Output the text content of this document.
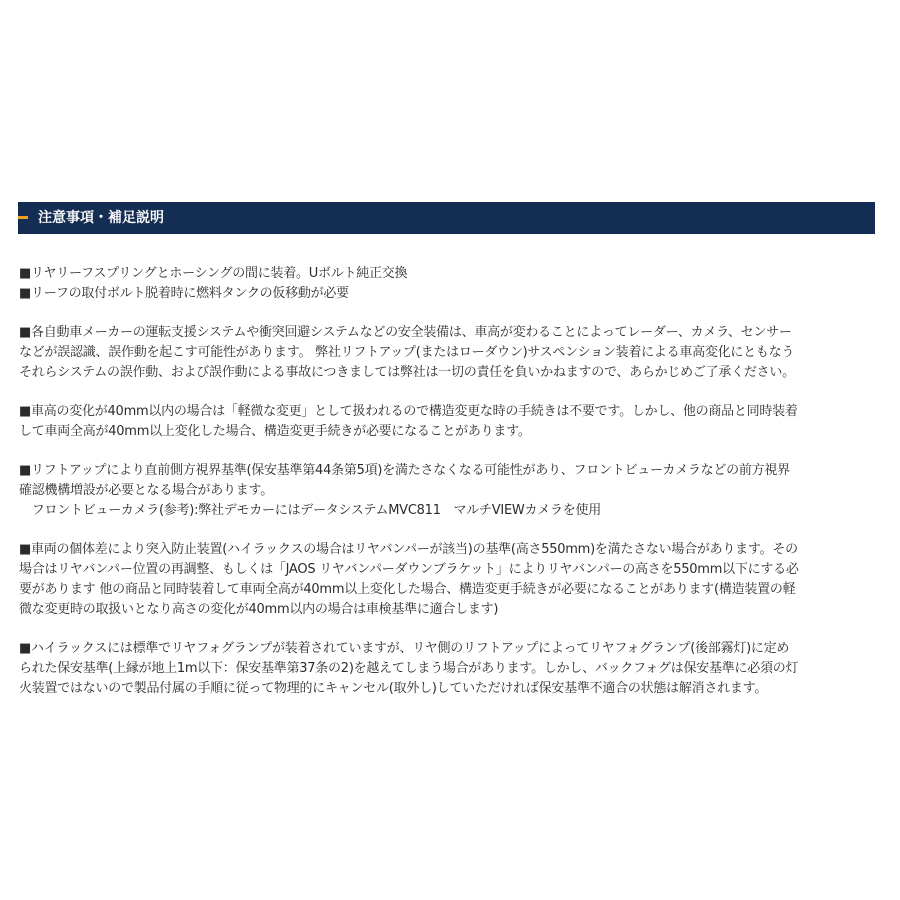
注意事項・補足説明
■リヤリーフスプリングとホーシングの間に装着。Uボルト純正交換
■リーフの取付ボルト脱着時に燃料タンクの仮移動が必要
■各自動車メーカーの運転支援システムや衝突回避システムなどの安全装備は、車高が変わることによってレーダー、カメラ、センサー
などが誤認識、誤作動を起こす可能性があります。 弊社リフトアップ(またはローダウン)サスペンション装着による車高変化にともなう
それらシステムの誤作動、および誤作動による事故につきましては弊社は一切の責任を負いかねますので、あらかじめご了承ください。
■車高の変化が40mm以内の場合は「軽微な変更」として扱われるので構造変更な時の手続きは不要です。しかし、他の商品と同時装着
して車両全高が40mm以上変化した場合、構造変更手続きが必要になることがあります。
■リフトアップにより直前側方視界基準(保安基準第44条第5項)を満たさなくなる可能性があり、フロントビューカメラなどの前方視界
確認機構増設が必要となる場合があります。
　フロントビューカメラ(参考):弊社デモカーにはデータシステムMVC811　マルチVIEWカメラを使用
■車両の個体差により突入防止装置(ハイラックスの場合はリヤバンパーが該当)の基準(高さ550mm)を満たさない場合があります。その
場合はリヤバンパー位置の再調整、もしくは「JAOS リヤバンパーダウンブラケット」によりリヤバンパーの高さを550mm以下にする必
要があります 他の商品と同時装着して車両全高が40mm以上変化した場合、構造変更手続きが必要になることがあります(構造装置の軽
微な変更時の取扱いとなり高さの変化が40mm以内の場合は車検基準に適合します)
■ハイラックスには標準でリヤフォグランプが装着されていますが、リヤ側のリフトアップによってリヤフォグランプ(後部霧灯)に定め
られた保安基準(上縁が地上1m以下：保安基準第37条の2)を越えてしまう場合があります。しかし、バックフォグは保安基準に必須の灯
火装置ではないので製品付属の手順に従って物理的にキャンセル(取外し)していただければ保安基準不適合の状態は解消されます。
